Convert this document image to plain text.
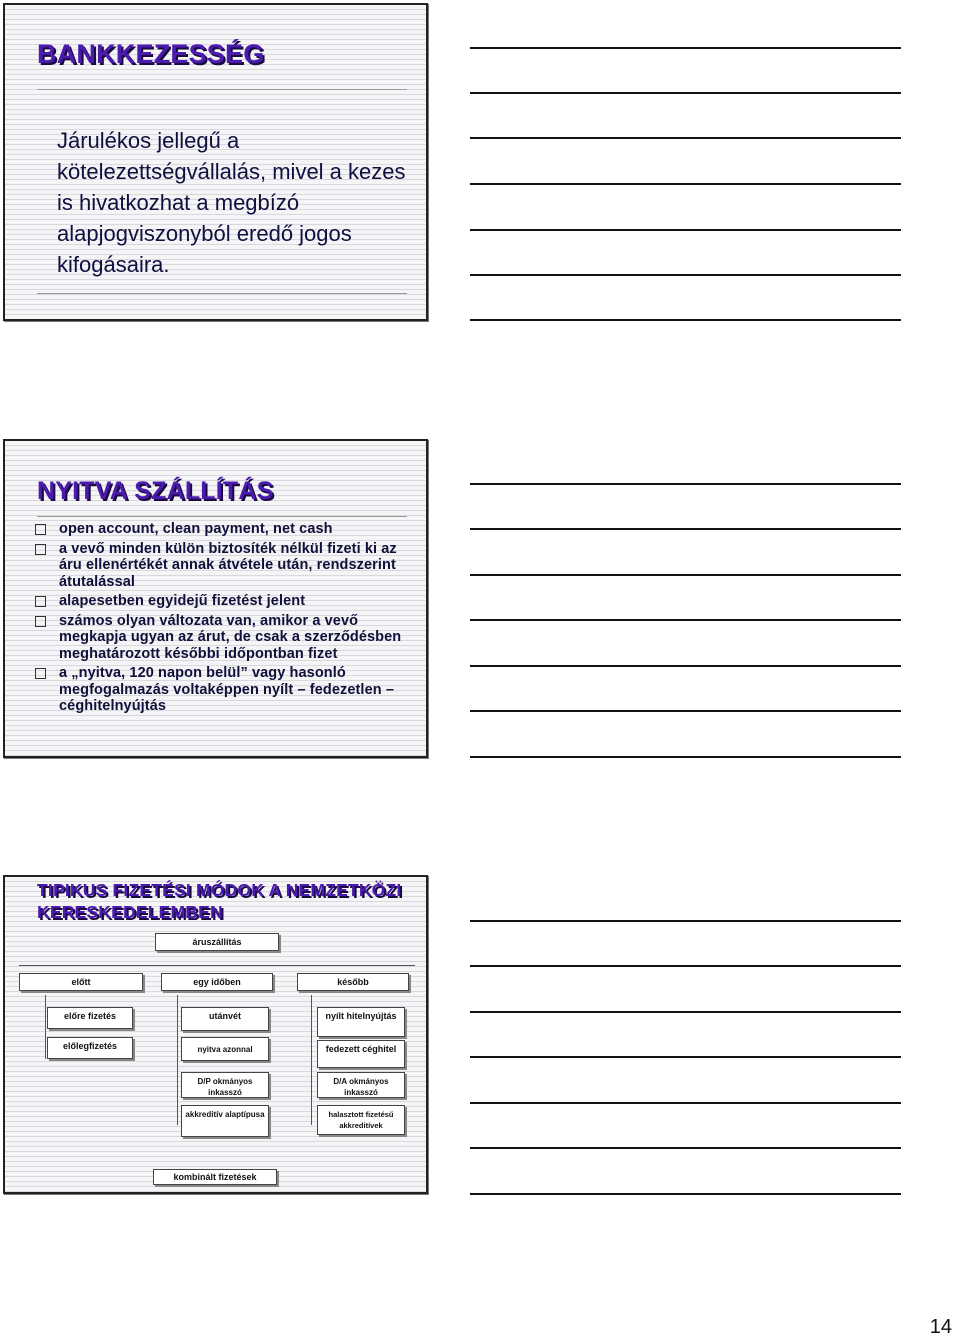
BANKKEZESSÉG

Járulékos jellegű a kötelezettségvállalás, mivel a kezes is hivatkozhat a megbízó alapjogviszonyból eredő jogos kifogásaira.

NYITVA SZÁLLÍTÁS
open account, clean payment, net cash
a vevő minden külön biztosíték nélkül fizeti ki az áru ellenértékét annak átvétele után, rendszerint átutalással
alapesetben egyidejű fizetést jelent
számos olyan változata van, amikor a vevő megkapja ugyan az árut, de csak a szerződésben meghatározott későbbi időpontban fizet
a „nyitva, 120 napon belül” vagy hasonló megfogalmazás voltaképpen nyílt – fedezetlen – céghitelnyújtás
TIPIKUS FIZETÉSI MÓDOK A NEMZETKÖZI KERESKEDELEMBEN
áruszállítás
előtt	egy időben	később
előre fizetés
előlegfizetés
utánvét
nyitva azonnal
D/P okmányos inkasszó
akkreditív alaptípusa
nyílt hitelnyújtás
fedezett céghitel
D/A okmányos inkasszó
halasztott fizetésű akkreditívek
kombinált fizetések
14
